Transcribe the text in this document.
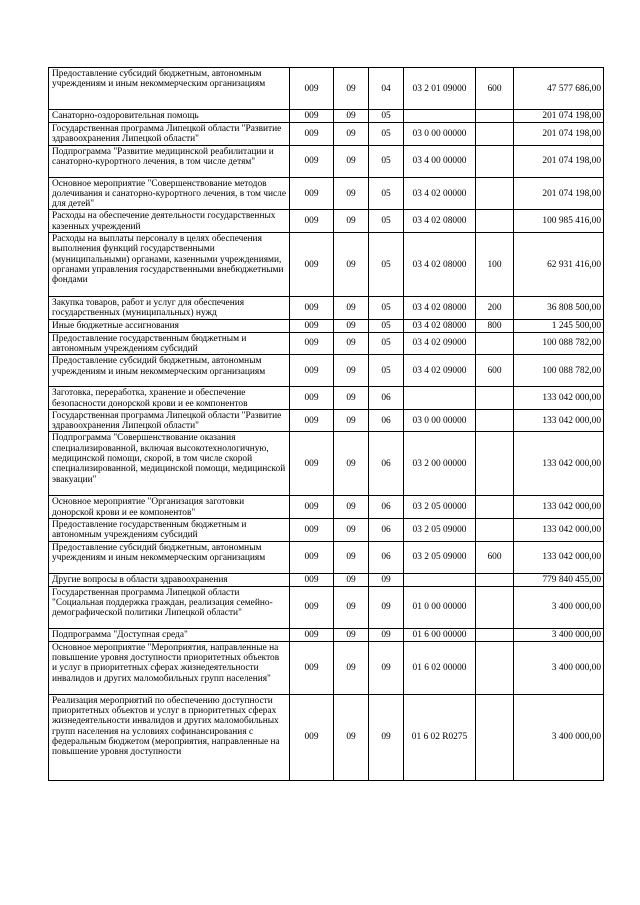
Предоставление субсидий бюджетным, автономным учреждениям и иным некоммерческим организациям	009	09	04	03 2 01 09000	600	47 577 686,00
Санаторно-оздоровительная помощь	009	09	05			201 074 198,00
Государственная программа Липецкой области "Развитие здравоохранения Липецкой области"	009	09	05	03 0 00 00000		201 074 198,00
Подпрограмма "Развитие медицинской реабилитации и санаторно-курортного лечения, в том числе детям"	009	09	05	03 4 00 00000		201 074 198,00
Основное мероприятие "Совершенствование методов долечивания и санаторно-курортного лечения, в том числе для детей"	009	09	05	03 4 02 00000		201 074 198,00
Расходы на обеспечение деятельности государственных казенных учреждений	009	09	05	03 4 02 08000		100 985 416,00
Расходы на выплаты персоналу в целях обеспечения выполнения функций государственными (муниципальными) органами, казенными учреждениями, органами управления государственными внебюджетными фондами	009	09	05	03 4 02 08000	100	62 931 416,00
Закупка товаров, работ и услуг для обеспечения государственных (муниципальных) нужд	009	09	05	03 4 02 08000	200	36 808 500,00
Иные бюджетные ассигнования	009	09	05	03 4 02 08000	800	1 245 500,00
Предоставление государственным бюджетным и автономным учреждениям субсидий	009	09	05	03 4 02 09000		100 088 782,00
Предоставление субсидий бюджетным, автономным учреждениям и иным некоммерческим организациям	009	09	05	03 4 02 09000	600	100 088 782,00
Заготовка, переработка, хранение и обеспечение безопасности донорской крови и ее компонентов	009	09	06			133 042 000,00
Государственная программа Липецкой области "Развитие здравоохранения Липецкой области"	009	09	06	03 0 00 00000		133 042 000,00
Подпрограмма "Совершенствование оказания специализированной, включая высокотехнологичную, медицинской помощи, скорой, в том числе скорой специализированной, медицинской помощи, медицинской эвакуации"	009	09	06	03 2 00 00000		133 042 000,00
Основное мероприятие "Организация заготовки донорской крови и ее компонентов"	009	09	06	03 2 05 00000		133 042 000,00
Предоставление государственным бюджетным и автономным учреждениям субсидий	009	09	06	03 2 05 09000		133 042 000,00
Предоставление субсидий бюджетным, автономным учреждениям и иным некоммерческим организациям	009	09	06	03 2 05 09000	600	133 042 000,00
Другие вопросы в области здравоохранения	009	09	09			779 840 455,00
Государственная программа Липецкой области "Социальная поддержка граждан, реализация семейно-демографической политики Липецкой области"	009	09	09	01 0 00 00000		3 400 000,00
Подпрограмма "Доступная среда"	009	09	09	01 6 00 00000		3 400 000,00
Основное мероприятие "Мероприятия, направленные на повышение уровня доступности приоритетных объектов и услуг в приоритетных сферах жизнедеятельности инвалидов и других маломобильных групп населения"	009	09	09	01 6 02 00000		3 400 000,00
Реализация мероприятий по обеспечению доступности приоритетных объектов и услуг в приоритетных сферах жизнедеятельности инвалидов и других маломобильных групп населения на условиях софинансирования с федеральным бюджетом (мероприятия, направленные на повышение уровня доступности	009	09	09	01 6 02 R0275		3 400 000,00
